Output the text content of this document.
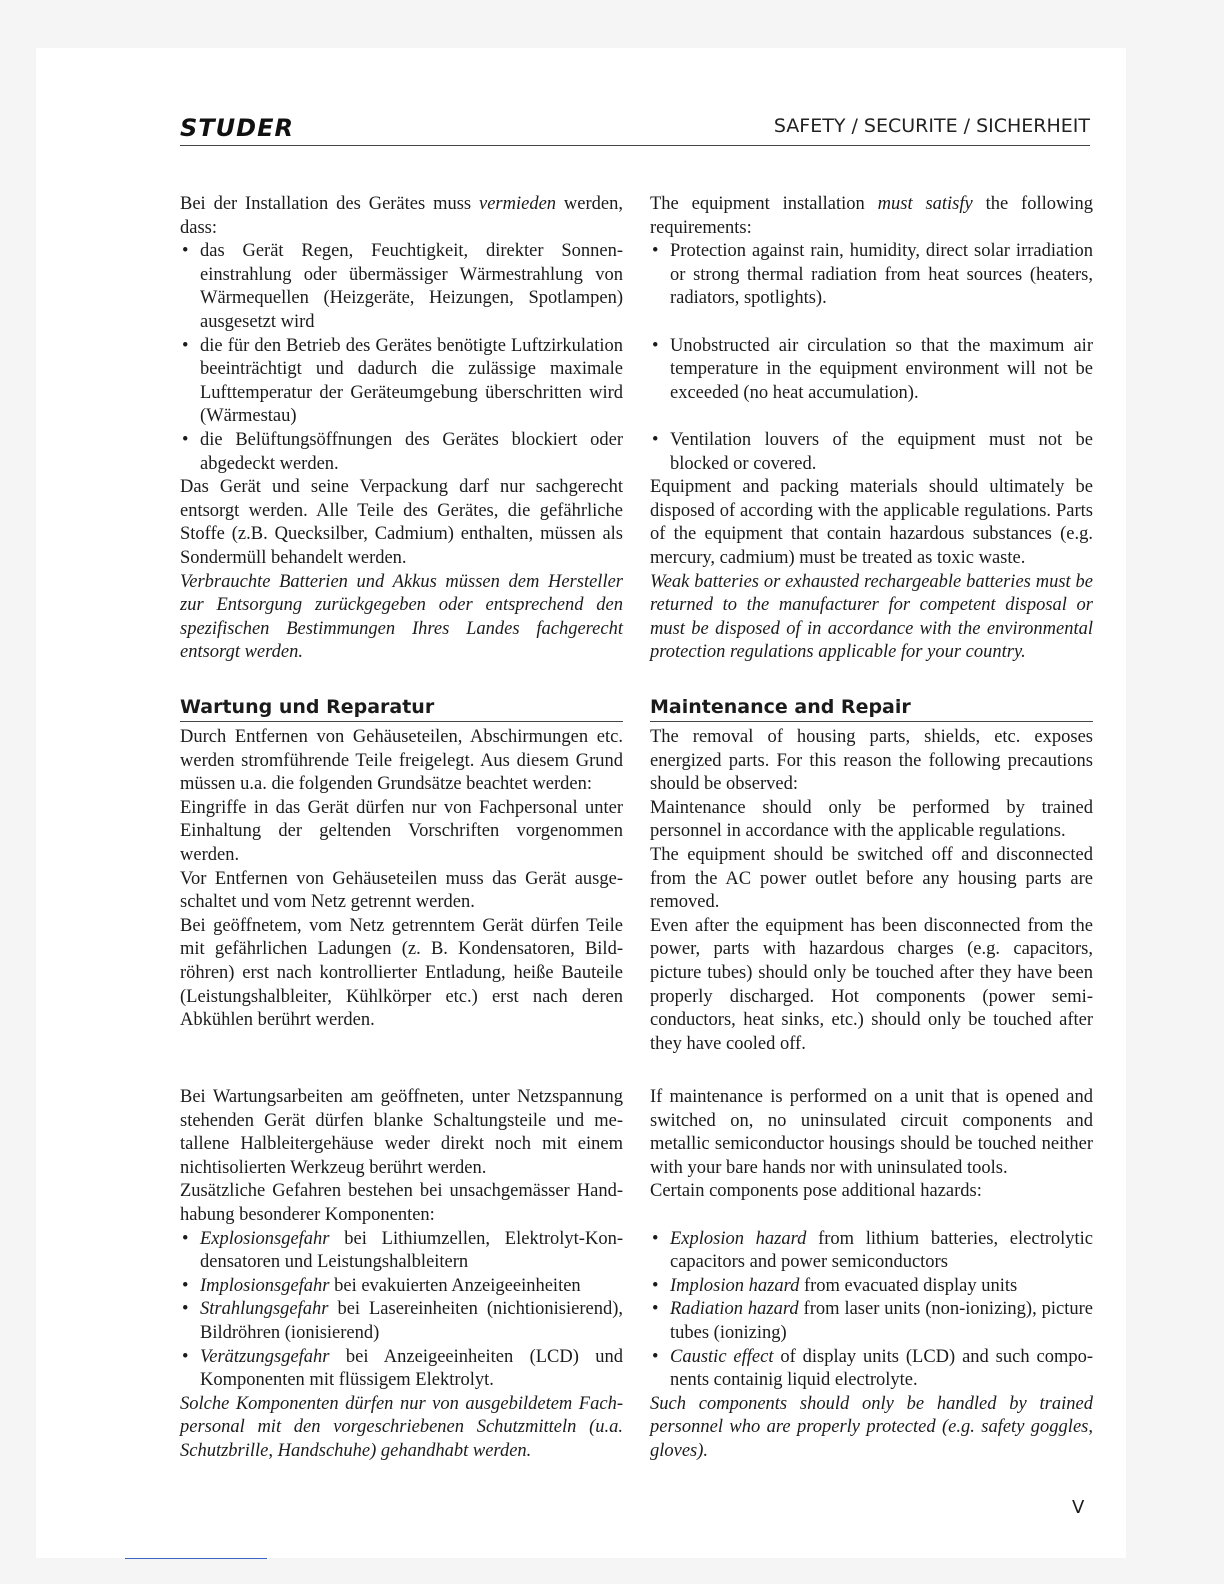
STUDER	SAFETY / SECURITE / SICHERHEIT

Bei der Installation des Gerätes muss vermieden werden, dass:

• das Gerät Regen, Feuchtigkeit, direkter Sonneneinstrahlung oder übermässiger Wärmestrahlung von Wärmequellen (Heizgeräte, Heizungen, Spotlampen) ausgesetzt wird
• die für den Betrieb des Gerätes benötigte Luftzirkulation beeinträchtigt und dadurch die zulässige maximale Lufttemperatur der Geräteumgebung überschritten wird (Wärmestau)
• die Belüftungsöffnungen des Gerätes blockiert oder abgedeckt werden.

Das Gerät und seine Verpackung darf nur sachgerecht entsorgt werden. Alle Teile des Gerätes, die gefährliche Stoffe (z.B. Quecksilber, Cadmium) enthalten, müssen als Sondermüll behandelt werden.

Verbrauchte Batterien und Akkus müssen dem Hersteller zur Entsorgung zurückgegeben oder entsprechend den spezifischen Bestimmungen Ihres Landes fachgerecht entsorgt werden.

The equipment installation must satisfy the following requirements:

• Protection against rain, humidity, direct solar irradiation or strong thermal radiation from heat sources (heaters, radiators, spotlights).
• Unobstructed air circulation so that the maximum air temperature in the equipment environment will not be exceeded (no heat accumulation).
• Ventilation louvers of the equipment must not be blocked or covered.

Equipment and packing materials should ultimately be disposed of according with the applicable regulations. Parts of the equipment that contain hazardous substances (e.g. mercury, cadmium) must be treated as toxic waste.

Weak batteries or exhausted rechargeable batteries must be returned to the manufacturer for competent disposal or must be disposed of in accordance with the environmental protection regulations applicable for your country.

Wartung und Reparatur

Durch Entfernen von Gehäuseteilen, Abschirmungen etc. werden stromführende Teile freigelegt. Aus diesem Grund müssen u.a. die folgenden Grundsätze beachtet werden:

Eingriffe in das Gerät dürfen nur von Fachpersonal unter Einhaltung der geltenden Vorschriften vorgenommen werden.

Vor Entfernen von Gehäuseteilen muss das Gerät ausgeschaltet und vom Netz getrennt werden.

Bei geöffnetem, vom Netz getrenntem Gerät dürfen Teile mit gefährlichen Ladungen (z. B. Kondensatoren, Bildröhren) erst nach kontrollierter Entladung, heiße Bauteile (Leistungshalbleiter, Kühlkörper etc.) erst nach deren Abkühlen berührt werden.

Bei Wartungsarbeiten am geöffneten, unter Netzspannung stehenden Gerät dürfen blanke Schaltungsteile und metallene Halbleitergehäuse weder direkt noch mit einem nichtisolierten Werkzeug berührt werden.

Zusätzliche Gefahren bestehen bei unsachgemässer Handhabung besonderer Komponenten:

• Explosionsgefahr bei Lithiumzellen, Elektrolyt-Kondensatoren und Leistungshalbleitern
• Implosionsgefahr bei evakuierten Anzeigeeinheiten
• Strahlungsgefahr bei Lasereinheiten (nichtionisierend), Bildröhren (ionisierend)
• Verätzungsgefahr bei Anzeigeeinheiten (LCD) und Komponenten mit flüssigem Elektrolyt.

Solche Komponenten dürfen nur von ausgebildetem Fachpersonal mit den vorgeschriebenen Schutzmitteln (u.a. Schutzbrille, Handschuhe) gehandhabt werden.

Maintenance and Repair

The removal of housing parts, shields, etc. exposes energized parts. For this reason the following precautions should be observed:

Maintenance should only be performed by trained personnel in accordance with the applicable regulations.

The equipment should be switched off and disconnected from the AC power outlet before any housing parts are removed.

Even after the equipment has been disconnected from the power, parts with hazardous charges (e.g. capacitors, picture tubes) should only be touched after they have been properly discharged. Hot components (power semiconductors, heat sinks, etc.) should only be touched after they have cooled off.

If maintenance is performed on a unit that is opened and switched on, no uninsulated circuit components and metallic semiconductor housings should be touched neither with your bare hands nor with uninsulated tools.

Certain components pose additional hazards:

• Explosion hazard from lithium batteries, electrolytic capacitors and power semiconductors
• Implosion hazard from evacuated display units
• Radiation hazard from laser units (non-ionizing), picture tubes (ionizing)
• Caustic effect of display units (LCD) and such components containig liquid electrolyte.

Such components should only be handled by trained personnel who are properly protected (e.g. safety goggles, gloves).

V
